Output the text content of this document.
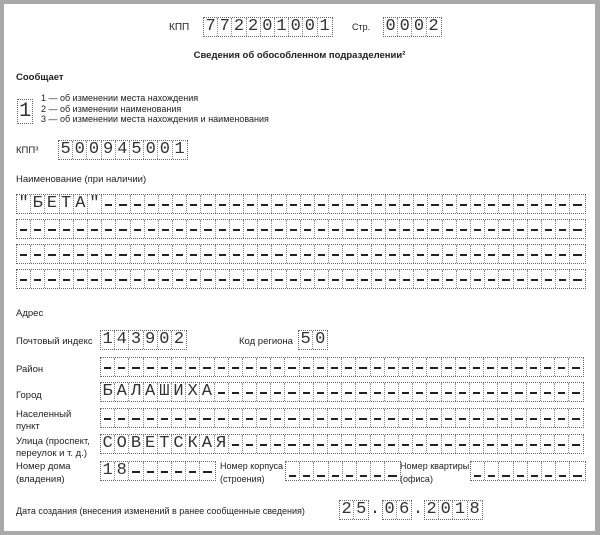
КПП 7 7 2 2 0 1 0 0 1 Стр. 0 0 0 2
Сведения об обособленном подразделении²
Сообщает
1
1 — об изменении места нахождения
2 — об изменении наименования
3 — об изменении места нахождения и наименования
КПП³ 5 0 0 9 4 5 0 0 1
Наименование (при наличии)
" Б Е Т А "
Адрес
Почтовый индекс 1 4 3 9 0 2	Код региона 5 0
Район
Город	Б А Л А Ш И Х А
Населенный
пункт
Улица (проспект,
переулок и т. д.)
С О В Е Т С К А Я
Номер дома
(владения) 1 8	Номер корпуса
(строения)
Номер квартиры
(офиса)
Дата создания (внесения изменений в ранее сообщенные сведения) 2 5 . 0 6 . 2 0 1 8
